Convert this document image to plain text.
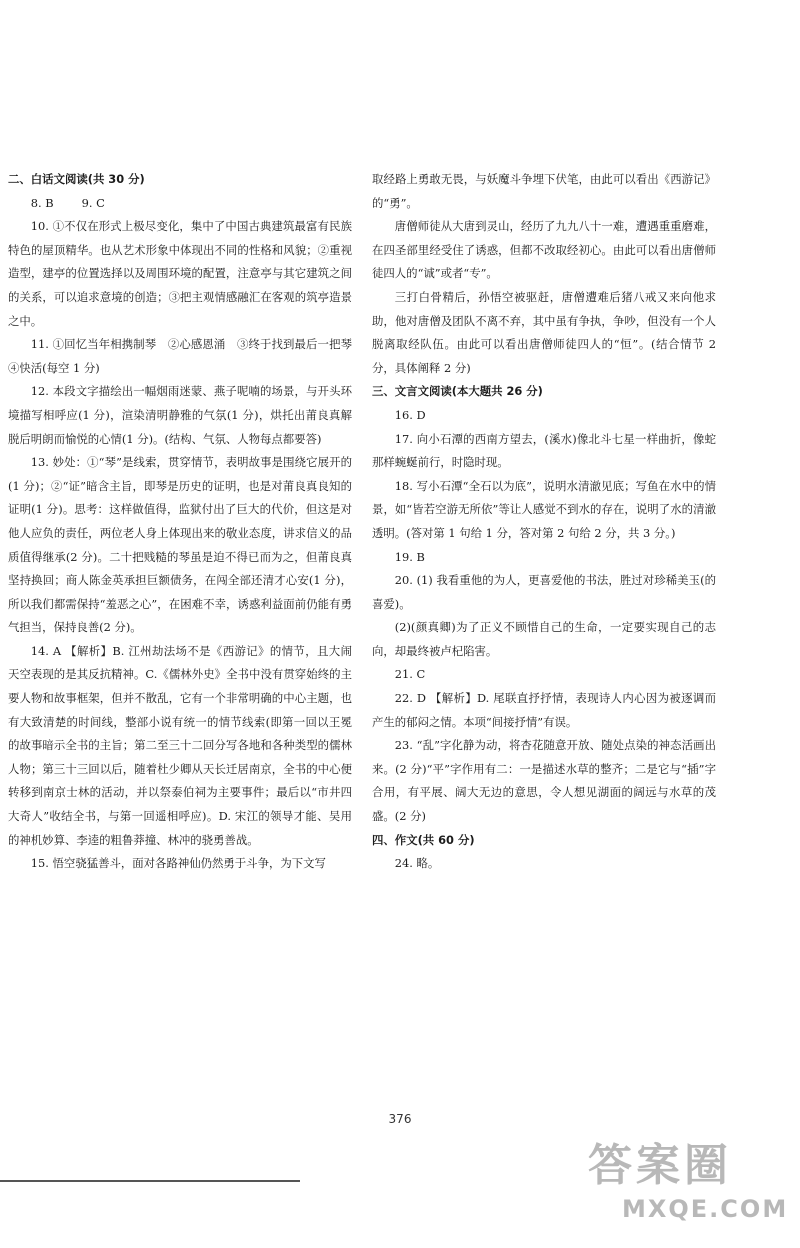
二、白话文阅读(共 30 分)

8. B 9. C

10. ①不仅在形式上极尽变化，集中了中国古典建筑最富有民族特色的屋顶精华。也从艺术形象中体现出不同的性格和风貌；②重视造型，建亭的位置选择以及周围环境的配置，注意亭与其它建筑之间的关系，可以追求意境的创造；③把主观情感融汇在客观的筑亭造景之中。

11. ①回忆当年相携制琴　②心感恩涌　③终于找到最后一把琴　④快活(每空 1 分)

12. 本段文字描绘出一幅烟雨迷蒙、燕子呢喃的场景，与开头环境描写相呼应(1 分)，渲染清明静雅的气氛(1 分)，烘托出莆良真解脱后明朗而愉悦的心情(1 分)。(结构、气氛、人物每点都要答)

13. 妙处：①“琴”是线索，贯穿情节，表明故事是围绕它展开的(1 分)；②“证”暗含主旨，即琴是历史的证明，也是对莆良真良知的证明(1 分)。思考：这样做值得，监狱付出了巨大的代价，但这是对他人应负的责任，两位老人身上体现出来的敬业态度，讲求信义的品质值得继承(2 分)。二十把贱糙的琴虽是迫不得已而为之，但莆良真坚持换回；商人陈金英承担巨额债务，在闯全部还清才心安(1 分)，所以我们都需保持“羞恶之心”，在困难不幸，诱惑利益面前仍能有勇气担当，保持良善(2 分)。

14. A 【解析】B. 江州劫法场不是《西游记》的情节，且大闹天空表现的是其反抗精神。C.《儒林外史》全书中没有贯穿始终的主要人物和故事框架，但并不散乱，它有一个非常明确的中心主题，也有大致清楚的时间线，整部小说有统一的情节线索(即第一回以王冕的故事暗示全书的主旨；第二至三十二回分写各地和各种类型的儒林人物；第三十三回以后，随着杜少卿从天长迁居南京，全书的中心便转移到南京士林的活动，并以祭泰伯祠为主要事件；最后以“市井四大奇人”收结全书，与第一回遥相呼应)。D. 宋江的领导才能、吴用的神机妙算、李逵的粗鲁莽撞、林冲的骁勇善战。

15. 悟空骁猛善斗，面对各路神仙仍然勇于斗争，为下文写

取经路上勇敢无畏，与妖魔斗争埋下伏笔，由此可以看出《西游记》的“勇”。

唐僧师徒从大唐到灵山，经历了九九八十一难，遭遇重重磨难，在四圣部里经受住了诱惑，但都不改取经初心。由此可以看出唐僧师徒四人的“诚”或者“专”。

三打白骨精后，孙悟空被驱赶，唐僧遭难后猪八戒又来向他求助，他对唐僧及团队不离不弃，其中虽有争执，争吵，但没有一个人脱离取经队伍。由此可以看出唐僧师徒四人的“恒”。(结合情节 2 分，具体阐释 2 分)

三、文言文阅读(本大题共 26 分)

16. D

17. 向小石潭的西南方望去，(溪水)像北斗七星一样曲折，像蛇那样蜿蜒前行，时隐时现。

18. 写小石潭“全石以为底”，说明水清澈见底；写鱼在水中的情景，如“皆若空游无所依”等让人感觉不到水的存在，说明了水的清澈透明。(答对第 1 句给 1 分，答对第 2 句给 2 分，共 3 分。)

19. B

20. (1) 我看重他的为人，更喜爱他的书法，胜过对珍稀美玉(的喜爱)。

(2)(颜真卿)为了正义不顾惜自己的生命，一定要实现自己的志向，却最终被卢杞陷害。

21. C

22. D 【解析】D. 尾联直抒抒情，表现诗人内心因为被逐调而产生的郁闷之情。本项“间接抒情”有误。

23. “乱”字化静为动，将杏花随意开放、随处点染的神态活画出来。(2 分)“平”字作用有二：一是描述水草的整齐；二是它与“插”字合用，有平展、阔大无边的意思，令人想见湖面的阔远与水草的茂盛。(2 分)

四、作文(共 60 分)

24. 略。

376
答案圈
MXQE.COM
